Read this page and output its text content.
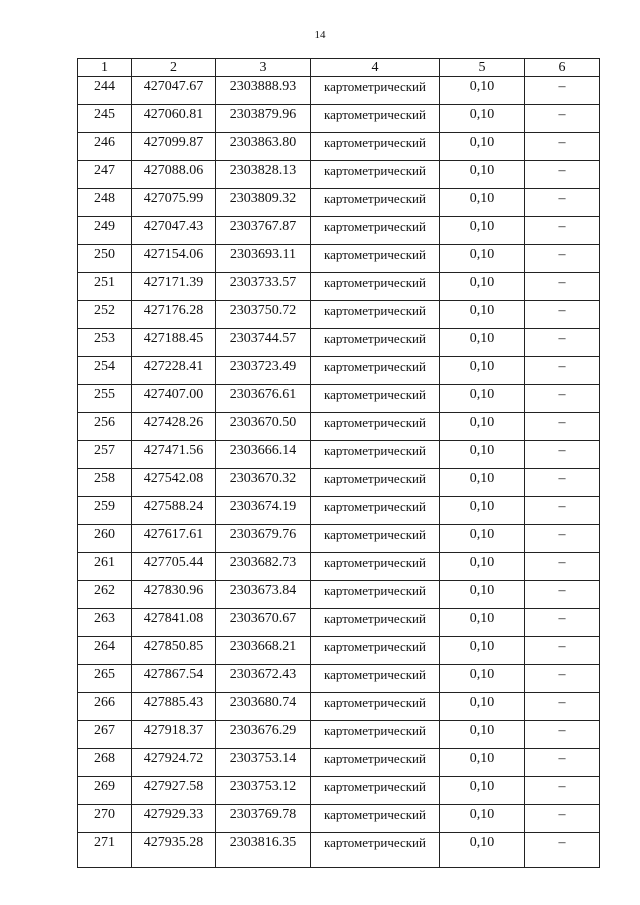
14
1	2	3	4	5	6
244	427047.67	2303888.93	картометрический	0,10	–
245	427060.81	2303879.96	картометрический	0,10	–
246	427099.87	2303863.80	картометрический	0,10	–
247	427088.06	2303828.13	картометрический	0,10	–
248	427075.99	2303809.32	картометрический	0,10	–
249	427047.43	2303767.87	картометрический	0,10	–
250	427154.06	2303693.11	картометрический	0,10	–
251	427171.39	2303733.57	картометрический	0,10	–
252	427176.28	2303750.72	картометрический	0,10	–
253	427188.45	2303744.57	картометрический	0,10	–
254	427228.41	2303723.49	картометрический	0,10	–
255	427407.00	2303676.61	картометрический	0,10	–
256	427428.26	2303670.50	картометрический	0,10	–
257	427471.56	2303666.14	картометрический	0,10	–
258	427542.08	2303670.32	картометрический	0,10	–
259	427588.24	2303674.19	картометрический	0,10	–
260	427617.61	2303679.76	картометрический	0,10	–
261	427705.44	2303682.73	картометрический	0,10	–
262	427830.96	2303673.84	картометрический	0,10	–
263	427841.08	2303670.67	картометрический	0,10	–
264	427850.85	2303668.21	картометрический	0,10	–
265	427867.54	2303672.43	картометрический	0,10	–
266	427885.43	2303680.74	картометрический	0,10	–
267	427918.37	2303676.29	картометрический	0,10	–
268	427924.72	2303753.14	картометрический	0,10	–
269	427927.58	2303753.12	картометрический	0,10	–
270	427929.33	2303769.78	картометрический	0,10	–
271	427935.28	2303816.35	картометрический	0,10	–
